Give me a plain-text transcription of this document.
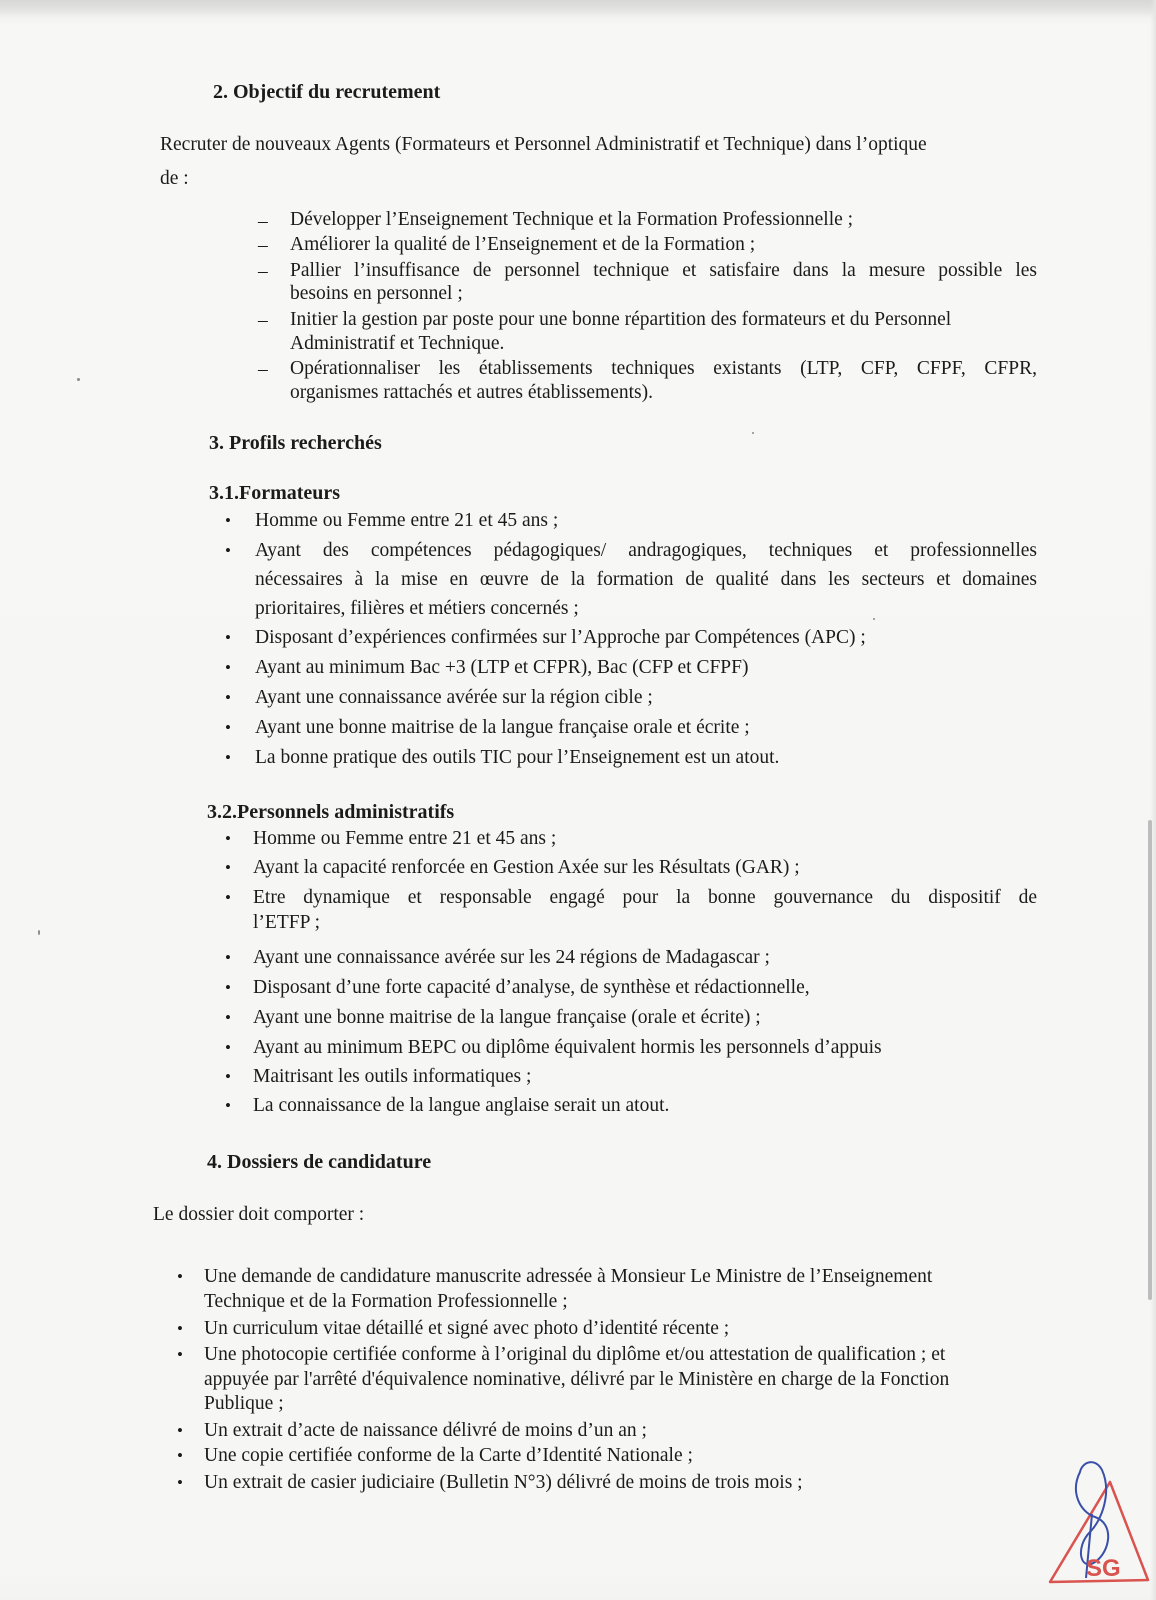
2. Objectif du recrutement
Recruter de nouveaux Agents (Formateurs et Personnel Administratif et Technique) dans l’optique
de :
– Développer l’Enseignement Technique et la Formation Professionnelle ;
– Améliorer la qualité de l’Enseignement et de la Formation ;
– Pallier l’insuffisance de personnel technique et satisfaire dans la mesure possible les
besoins en personnel ;
– Initier la gestion par poste pour une bonne répartition des formateurs et du Personnel
Administratif et Technique.
– Opérationnaliser les établissements techniques existants (LTP, CFP, CFPF, CFPR,
organismes rattachés et autres établissements).
3. Profils recherchés
3.1.Formateurs
• Homme ou Femme entre 21 et 45 ans ;
• Ayant des compétences pédagogiques/ andragogiques, techniques et professionnelles
nécessaires à la mise en œuvre de la formation de qualité dans les secteurs et domaines
prioritaires, filières et métiers concernés ;
• Disposant d’expériences confirmées sur l’Approche par Compétences (APC) ;
• Ayant au minimum Bac +3 (LTP et CFPR), Bac (CFP et CFPF)
• Ayant une connaissance avérée sur la région cible ;
• Ayant une bonne maitrise de la langue française orale et écrite ;
• La bonne pratique des outils TIC pour l’Enseignement est un atout.
3.2.Personnels administratifs
• Homme ou Femme entre 21 et 45 ans ;
• Ayant la capacité renforcée en Gestion Axée sur les Résultats (GAR) ;
• Etre dynamique et responsable engagé pour la bonne gouvernance du dispositif de
l’ETFP ;
• Ayant une connaissance avérée sur les 24 régions de Madagascar ;
• Disposant d’une forte capacité d’analyse, de synthèse et rédactionnelle,
• Ayant une bonne maitrise de la langue française (orale et écrite) ;
• Ayant au minimum BEPC ou diplôme équivalent hormis les personnels d’appuis
• Maitrisant les outils informatiques ;
• La connaissance de la langue anglaise serait un atout.
4. Dossiers de candidature
Le dossier doit comporter :
• Une demande de candidature manuscrite adressée à Monsieur Le Ministre de l’Enseignement
Technique et de la Formation Professionnelle ;
• Un curriculum vitae détaillé et signé avec photo d’identité récente ;
• Une photocopie certifiée conforme à l’original du diplôme et/ou attestation de qualification ; et
appuyée par l'arrêté d'équivalence nominative, délivré par le Ministère en charge de la Fonction
Publique ;
• Un extrait d’acte de naissance délivré de moins d’un an ;
• Une copie certifiée conforme de la Carte d’Identité Nationale ;
• Un extrait de casier judiciaire (Bulletin N°3) délivré de moins de trois mois ;
SG
